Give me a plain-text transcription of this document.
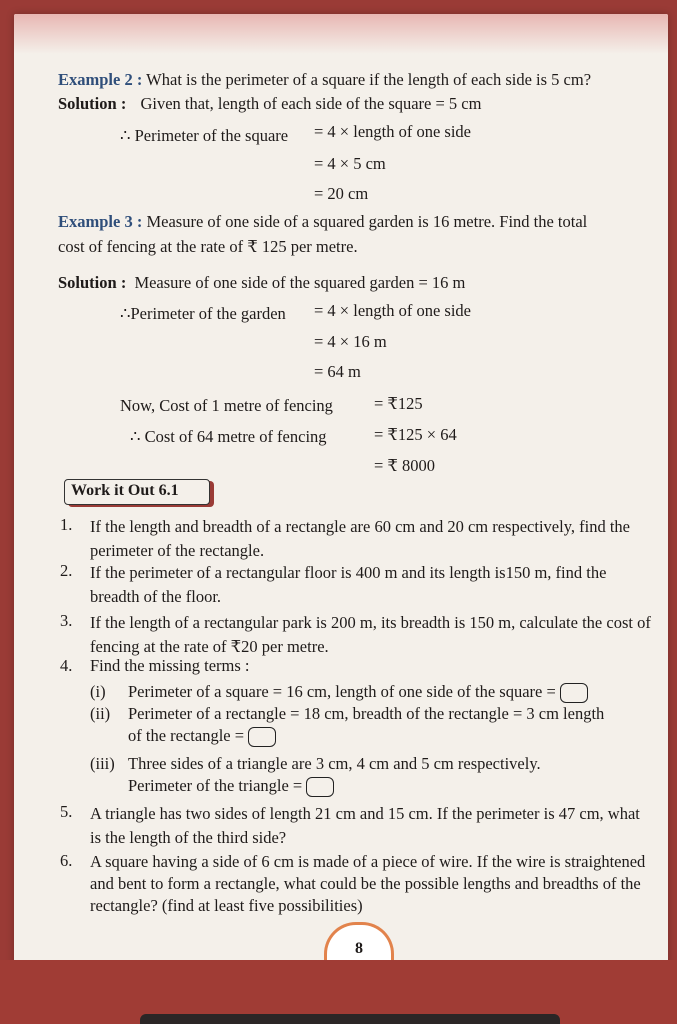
Example 2 : What is the perimeter of a square if the length of each side is 5 cm?
Solution : Given that, length of each side of the square = 5 cm
∴ Perimeter of the square = 4 × length of one side
= 4 × 5 cm
= 20 cm
Example 3 : Measure of one side of a squared garden is 16 metre. Find the total
cost of fencing at the rate of ₹ 125 per metre.
Solution : Measure of one side of the squared garden = 16 m
∴Perimeter of the garden = 4 × length of one side
= 4 × 16 m
= 64 m
Now, Cost of 1 metre of fencing = ₹125
∴ Cost of 64 metre of fencing	= ₹125 × 64
= ₹ 8000
Work it Out 6.1
1. If the length and breadth of a rectangle are 60 cm and 20 cm respectively, find the perimeter of the rectangle.
2. If the perimeter of a rectangular floor is 400 m and its length is150 m, find the breadth of the floor.
3. If the length of a rectangular park is 200 m, its breadth is 150 m, calculate the cost of fencing at the rate of ₹20 per metre.
4. Find the missing terms :
(i) Perimeter of a square = 16 cm, length of one side of the square =
(ii) Perimeter of a rectangle = 18 cm, breadth of the rectangle = 3 cm length
of the rectangle =
(iii) Three sides of a triangle are 3 cm, 4 cm and 5 cm respectively.
Perimeter of the triangle =
5. A triangle has two sides of length 21 cm and 15 cm. If the perimeter is 47 cm, what is the length of the third side?
6. A square having a side of 6 cm is made of a piece of wire. If the wire is straightened and bent to form a rectangle, what could be the possible lengths and breadths of the rectangle? (find at least five possibilities)
8
